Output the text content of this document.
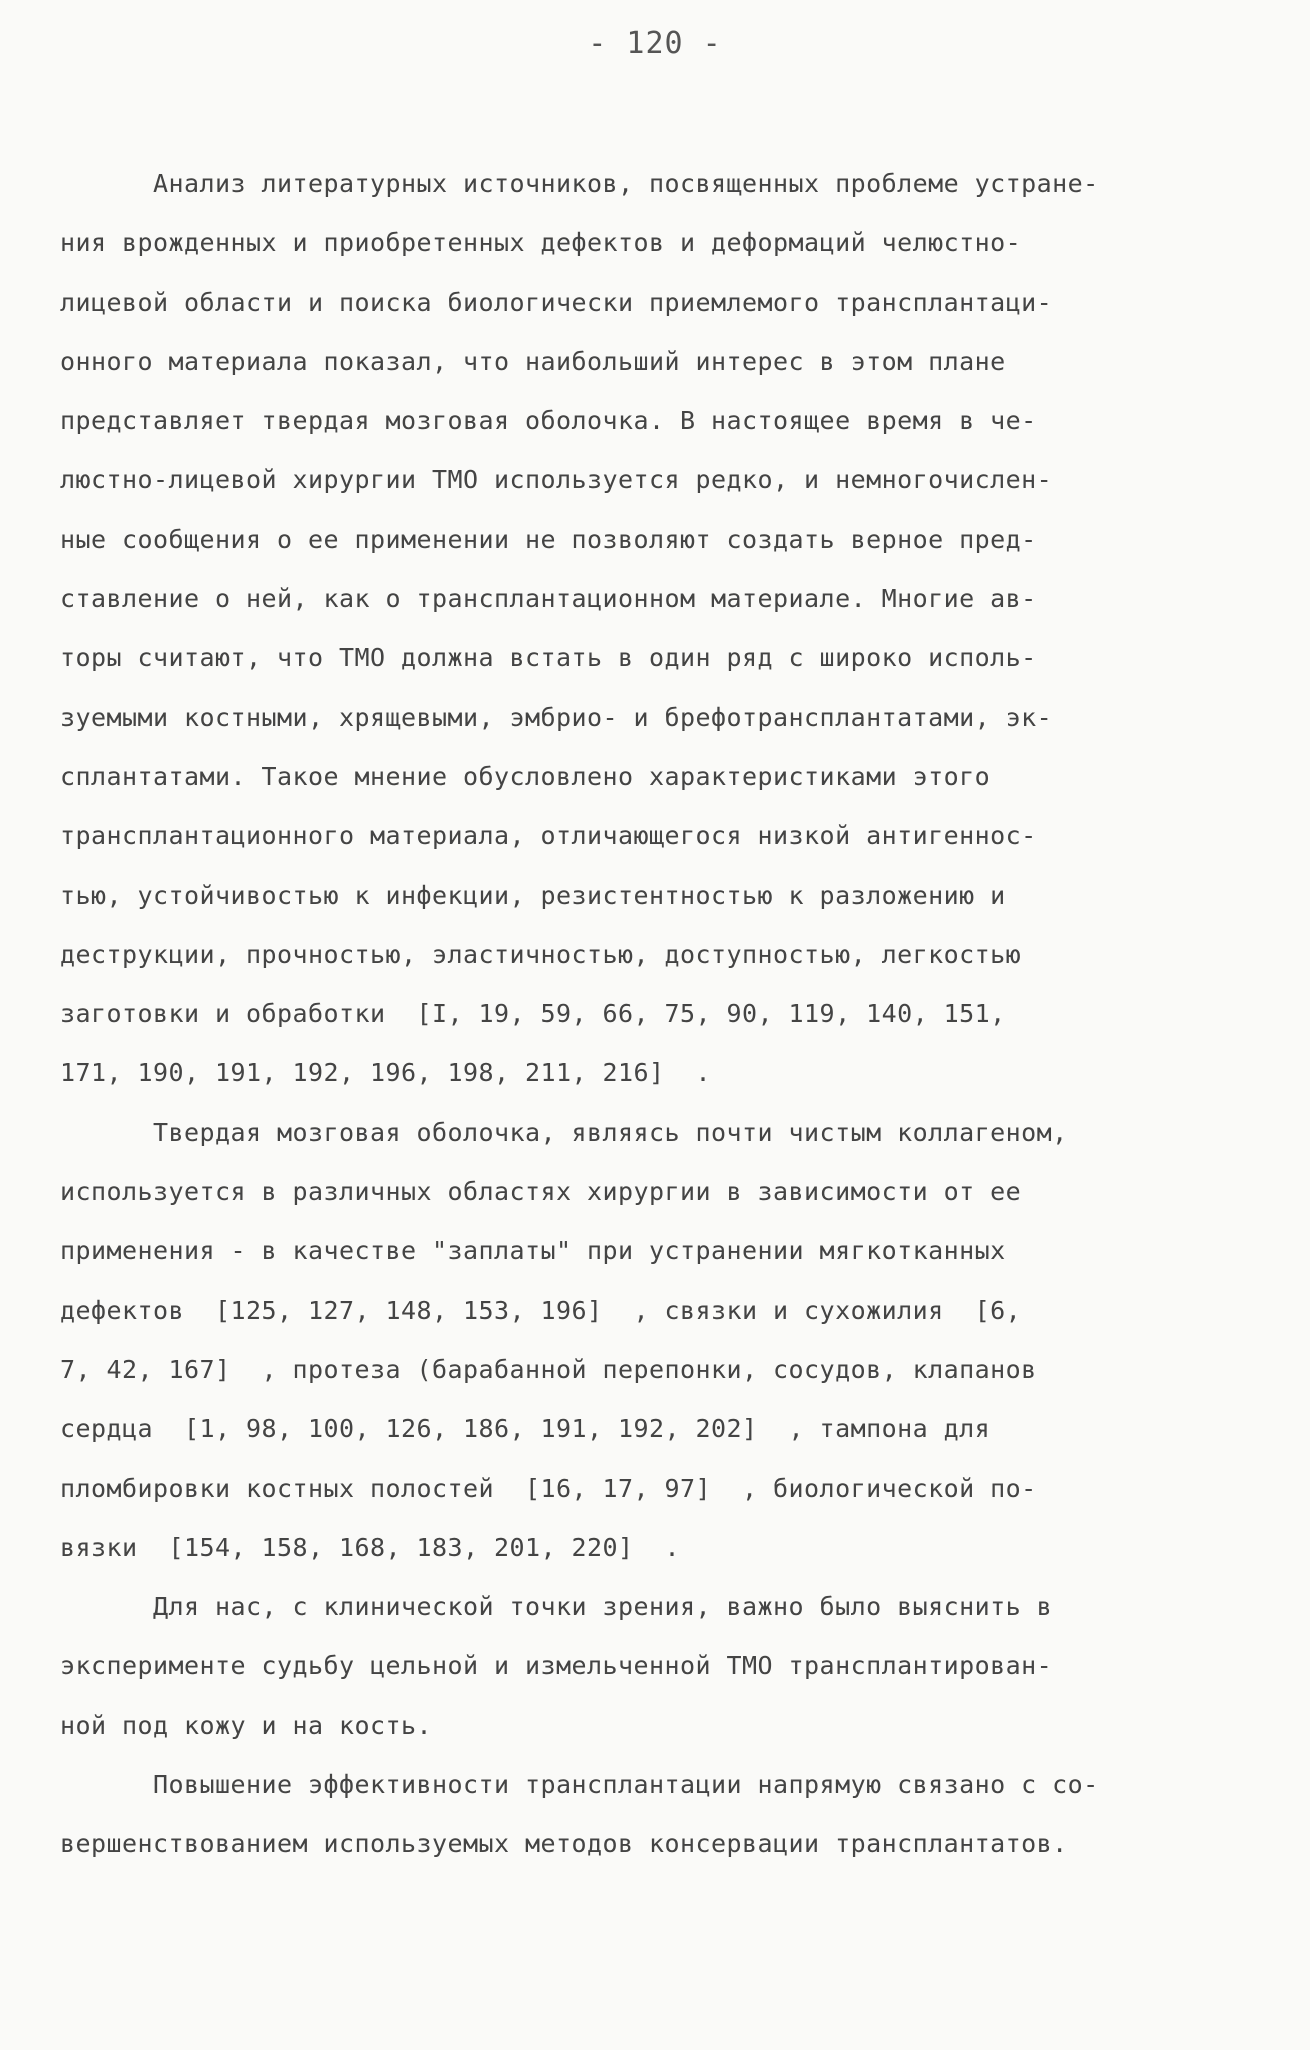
- 120 -
Анализ литературных источников, посвященных проблеме устране-
ния врожденных и приобретенных дефектов и деформаций челюстно-
лицевой области и поиска биологически приемлемого трансплантаци-
онного материала показал, что наибольший интерес в этом плане
представляет твердая мозговая оболочка. В настоящее время в че-
люстно-лицевой хирургии ТМО используется редко, и немногочислен-
ные сообщения о ее применении не позволяют создать верное пред-
ставление о ней, как о трансплантационном материале. Многие ав-
торы считают, что ТМО должна встать в один ряд с широко исполь-
зуемыми костными, хрящевыми, эмбрио- и брефотрансплантатами, эк-
сплантатами. Такое мнение обусловлено характеристиками этого
трансплантационного материала, отличающегося низкой антигеннос-
тью, устойчивостью к инфекции, резистентностью к разложению и
деструкции, прочностью, эластичностью, доступностью, легкостью
заготовки и обработки  [I, 19, 59, 66, 75, 90, 119, 140, 151,
171, 190, 191, 192, 196, 198, 211, 216]  .
Твердая мозговая оболочка, являясь почти чистым коллагеном,
используется в различных областях хирургии в зависимости от ее
применения - в качестве "заплаты" при устранении мягкотканных
дефектов  [125, 127, 148, 153, 196]  , связки и сухожилия  [6,
7, 42, 167]  , протеза (барабанной перепонки, сосудов, клапанов
сердца  [1, 98, 100, 126, 186, 191, 192, 202]  , тампона для
пломбировки костных полостей  [16, 17, 97]  , биологической по-
вязки  [154, 158, 168, 183, 201, 220]  .
Для нас, с клинической точки зрения, важно было выяснить в
эксперименте судьбу цельной и измельченной ТМО трансплантирован-
ной под кожу и на кость.
Повышение эффективности трансплантации напрямую связано с со-
вершенствованием используемых методов консервации трансплантатов.
